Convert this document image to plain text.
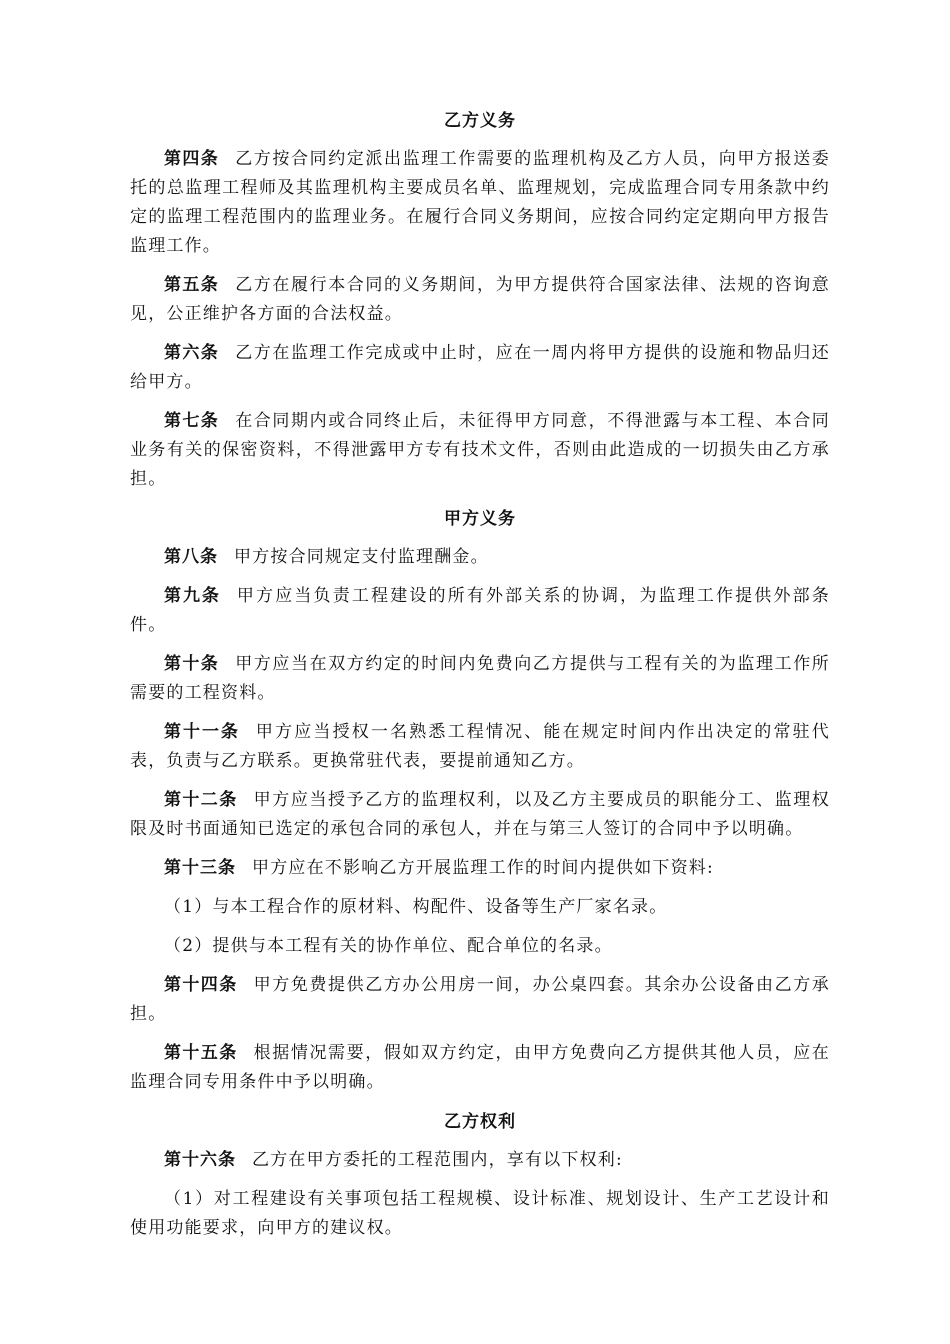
乙方义务

第四条 乙方按合同约定派出监理工作需要的监理机构及乙方人员，向甲方报送委托的总监理工程师及其监理机构主要成员名单、监理规划，完成监理合同专用条款中约定的监理工程范围内的监理业务。在履行合同义务期间，应按合同约定定期向甲方报告监理工作。

第五条 乙方在履行本合同的义务期间，为甲方提供符合国家法律、法规的咨询意见，公正维护各方面的合法权益。

第六条 乙方在监理工作完成或中止时，应在一周内将甲方提供的设施和物品归还给甲方。

第七条 在合同期内或合同终止后，未征得甲方同意，不得泄露与本工程、本合同业务有关的保密资料，不得泄露甲方专有技术文件，否则由此造成的一切损失由乙方承担。

甲方义务

第八条 甲方按合同规定支付监理酬金。

第九条 甲方应当负责工程建设的所有外部关系的协调，为监理工作提供外部条件。

第十条 甲方应当在双方约定的时间内免费向乙方提供与工程有关的为监理工作所需要的工程资料。

第十一条 甲方应当授权一名熟悉工程情况、能在规定时间内作出决定的常驻代表，负责与乙方联系。更换常驻代表，要提前通知乙方。

第十二条 甲方应当授予乙方的监理权利，以及乙方主要成员的职能分工、监理权限及时书面通知已选定的承包合同的承包人，并在与第三人签订的合同中予以明确。

第十三条 甲方应在不影响乙方开展监理工作的时间内提供如下资料:

（1）与本工程合作的原材料、构配件、设备等生产厂家名录。

（2）提供与本工程有关的协作单位、配合单位的名录。

第十四条 甲方免费提供乙方办公用房一间，办公桌四套。其余办公设备由乙方承担。

第十五条 根据情况需要，假如双方约定，由甲方免费向乙方提供其他人员，应在监理合同专用条件中予以明确。

乙方权利

第十六条 乙方在甲方委托的工程范围内，享有以下权利:

（1）对工程建设有关事项包括工程规模、设计标准、规划设计、生产工艺设计和使用功能要求，向甲方的建议权。
